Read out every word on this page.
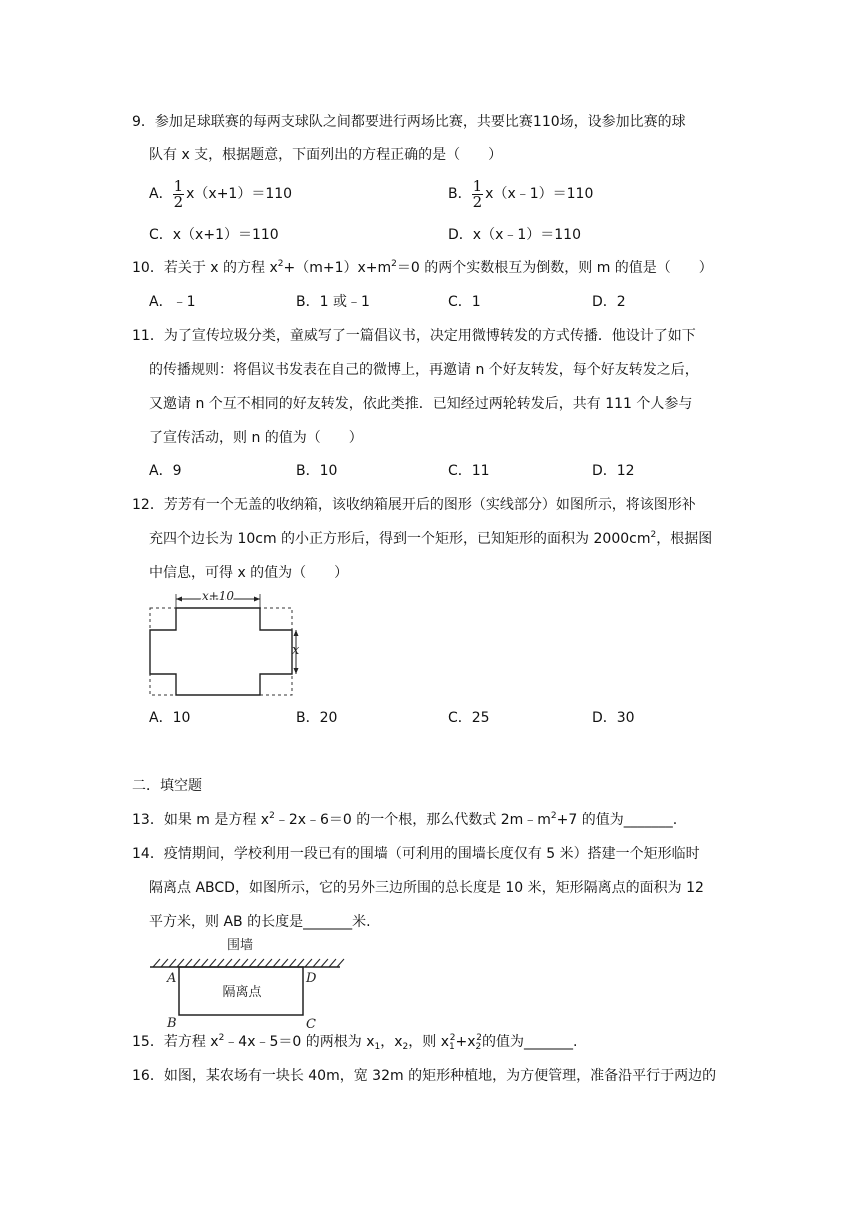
9．参加足球联赛的每两支球队之间都要进行两场比赛，共要比赛110场，设参加比赛的球
队有 x 支，根据题意，下面列出的方程正确的是（　　）
A． $\frac{1}{2} x(x+1)=110$	B． $\frac{1}{2}$ x（x﹣1）＝110
C．x（x+1）＝110	D．x（x﹣1）＝110
10．若关于 x 的方程 $x^2+(m+1)x+m^2=0$ 的两个实数根互为倒数，则 m 的值是（　　）
A．﹣1	B．1 或﹣1	C．1	D．2
11．为了宣传垃圾分类，童威写了一篇倡议书，决定用微博转发的方式传播．他设计了如下
的传播规则：将倡议书发表在自己的微博上，再邀请 n 个好友转发，每个好友转发之后，
又邀请 n 个互不相同的好友转发，依此类推．已知经过两轮转发后，共有 111 个人参与
了宣传活动，则 n 的值为（　　）
A．9	B．10	C．11	D．12
12．芳芳有一个无盖的收纳箱，该收纳箱展开后的图形（实线部分）如图所示，将该图形补
充四个边长为 10cm 的小正方形后，得到一个矩形，已知矩形的面积为 $2000cm^2$，根据图
中信息，可得 x 的值为（　　）
x+10
x
A．10	B．20	C．25	D．30
二．填空题
13．如果 m 是方程 $x^2﹣2x﹣6=0$ 的一个根，那么代数式 $2m﹣m^2+7$ 的值为_______.
14．疫情期间，学校利用一段已有的围墙（可利用的围墙长度仅有 5 米）搭建一个矩形临时
隔离点 ABCD，如图所示，它的另外三边所围的总长度是 10 米，矩形隔离点的面积为 12
平方米，则 AB 的长度是_______米.
围墙
隔离点
A
B	C
D
15．若方程 $x^2﹣4x﹣5=0$ 的两根为 $x_1$，$x_2$，则 $x_1^2+x_2^2$的值为_______.
16．如图，某农场有一块长 40m，宽 32m 的矩形种植地，为方便管理，准备沿平行于两边的
